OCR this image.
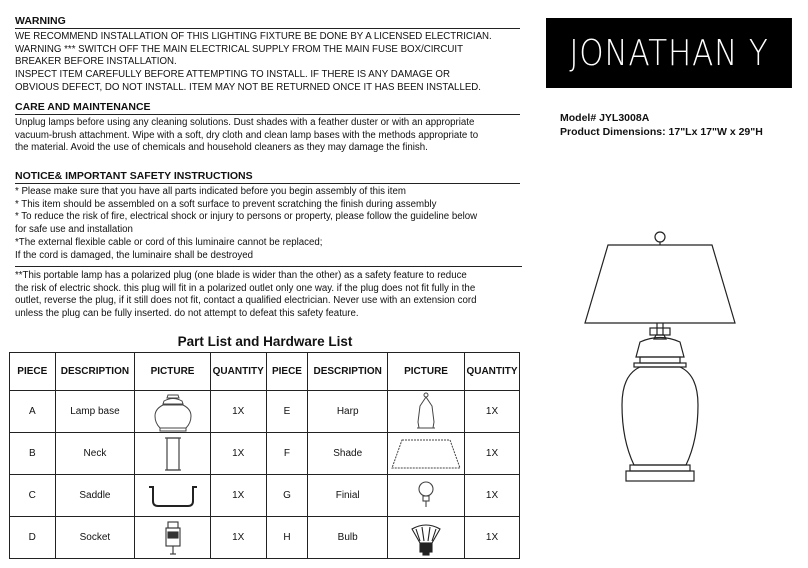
WARNING
WE RECOMMEND INSTALLATION OF THIS LIGHTING FIXTURE BE DONE BY A LICENSED ELECTRICIAN.
WARNING *** SWITCH OFF THE MAIN ELECTRICAL SUPPLY FROM THE MAIN FUSE BOX/CIRCUIT
BREAKER BEFORE INSTALLATION.
INSPECT ITEM CAREFULLY BEFORE ATTEMPTING TO INSTALL. IF THERE IS ANY DAMAGE OR
OBVIOUS DEFECT, DO NOT INSTALL. ITEM MAY NOT BE RETURNED ONCE IT HAS BEEN INSTALLED.
CARE AND MAINTENANCE
Unplug lamps before using any cleaning solutions. Dust shades with a feather duster or with an appropriate
vacuum-brush attachment. Wipe with a soft, dry cloth and clean lamp bases with the methods appropriate to
the material. Avoid the use of chemicals and household cleaners as they may damage the finish.
NOTICE& IMPORTANT SAFETY INSTRUCTIONS
* Please make sure that you have all parts indicated before you begin assembly of this item
* This item should be assembled on a soft surface to prevent scratching the finish during assembly
* To reduce the risk of fire, electrical shock or injury to persons or property, please follow the guideline below
for safe use and installation
*The external flexible cable or cord of this luminaire cannot be replaced;
If the cord is damaged, the luminaire shall be destroyed
**This portable lamp has a polarized plug (one blade is wider than the other) as a safety feature to reduce
the risk of electric shock. this plug will fit in a polarized outlet only one way. if the plug does not fit fully in the
outlet, reverse the plug, if it still does not fit, contact a qualified electrician. Never use with an extension cord
unless the plug can be fully inserted. do not attempt to defeat this safety feature.
JONATHAN Y
Model# JYL3008A
Product Dimensions: 17"Lx 17"W x 29"H
Part List and Hardware List
PIECE	DESCRIPTION	PICTURE	QUANTITY	PIECE	DESCRIPTION	PICTURE	QUANTITY
A	Lamp base		1X	E	Harp		1X
B	Neck		1X	F	Shade		1X
C	Saddle		1X	G	Finial		1X
D	Socket		1X	H	Bulb		1X
